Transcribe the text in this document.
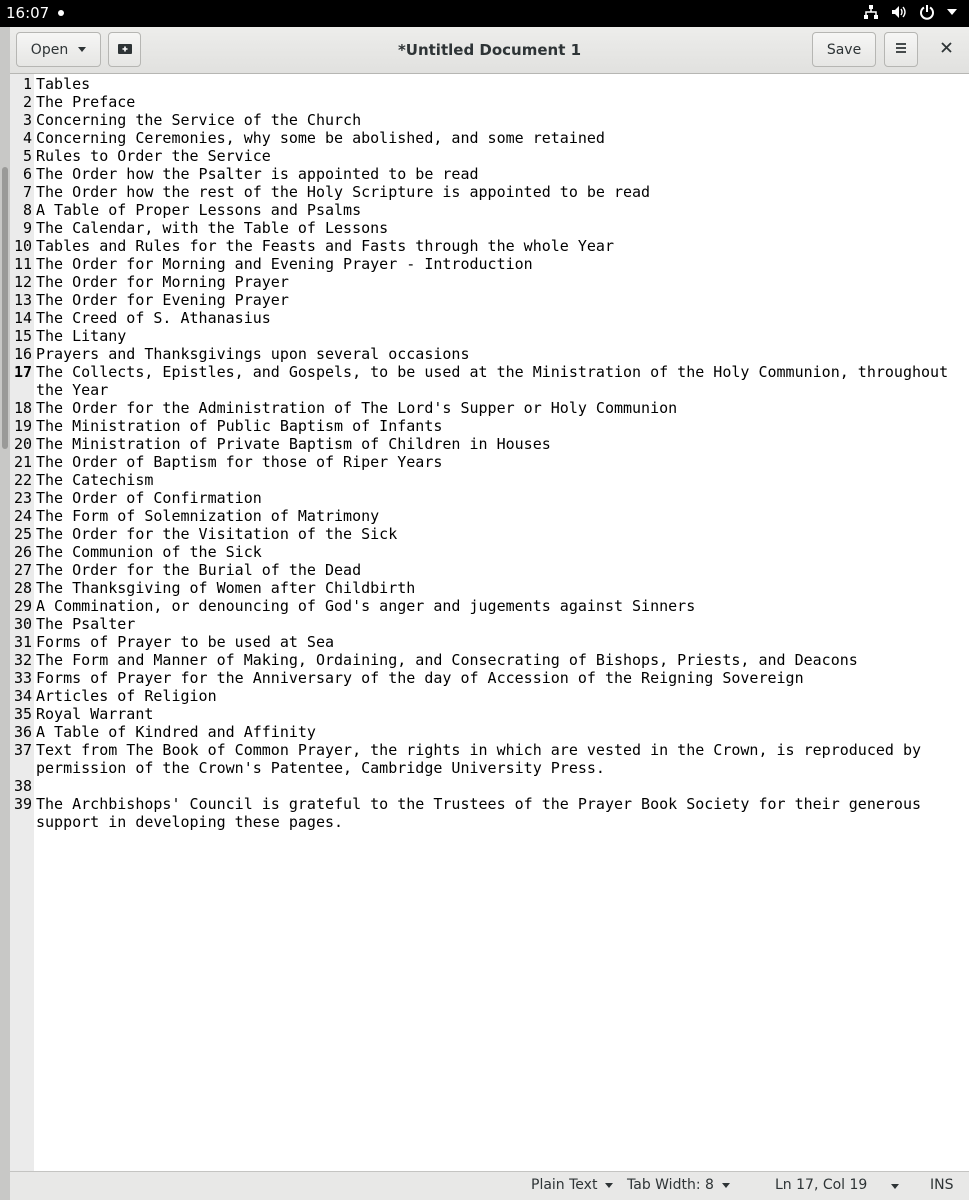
16:07
Open	*Untitled Document 1	Save
1 Tables
2 The Preface
3 Concerning the Service of the Church
4 Concerning Ceremonies, why some be abolished, and some retained
5 Rules to Order the Service
6 The Order how the Psalter is appointed to be read
7 The Order how the rest of the Holy Scripture is appointed to be read
8 A Table of Proper Lessons and Psalms
9 The Calendar, with the Table of Lessons
10 Tables and Rules for the Feasts and Fasts through the whole Year
11 The Order for Morning and Evening Prayer - Introduction
12 The Order for Morning Prayer
13 The Order for Evening Prayer
14 The Creed of S. Athanasius
15 The Litany
16 Prayers and Thanksgivings upon several occasions
17 The Collects, Epistles, and Gospels, to be used at the Ministration of the Holy Communion, throughout
the Year
18 The Order for the Administration of The Lord's Supper or Holy Communion
19 The Ministration of Public Baptism of Infants
20 The Ministration of Private Baptism of Children in Houses
21 The Order of Baptism for those of Riper Years
22 The Catechism
23 The Order of Confirmation
24 The Form of Solemnization of Matrimony
25 The Order for the Visitation of the Sick
26 The Communion of the Sick
27 The Order for the Burial of the Dead
28 The Thanksgiving of Women after Childbirth
29 A Commination, or denouncing of God's anger and jugements against Sinners
30 The Psalter
31 Forms of Prayer to be used at Sea
32 The Form and Manner of Making, Ordaining, and Consecrating of Bishops, Priests, and Deacons
33 Forms of Prayer for the Anniversary of the day of Accession of the Reigning Sovereign
34 Articles of Religion
35 Royal Warrant
36 A Table of Kindred and Affinity
37 Text from The Book of Common Prayer, the rights in which are vested in the Crown, is reproduced by
permission of the Crown's Patentee, Cambridge University Press.
38
39 The Archbishops' Council is grateful to the Trustees of the Prayer Book Society for their generous
support in developing these pages.
Plain Text Tab Width: 8	Ln 17, Col 19	INS
